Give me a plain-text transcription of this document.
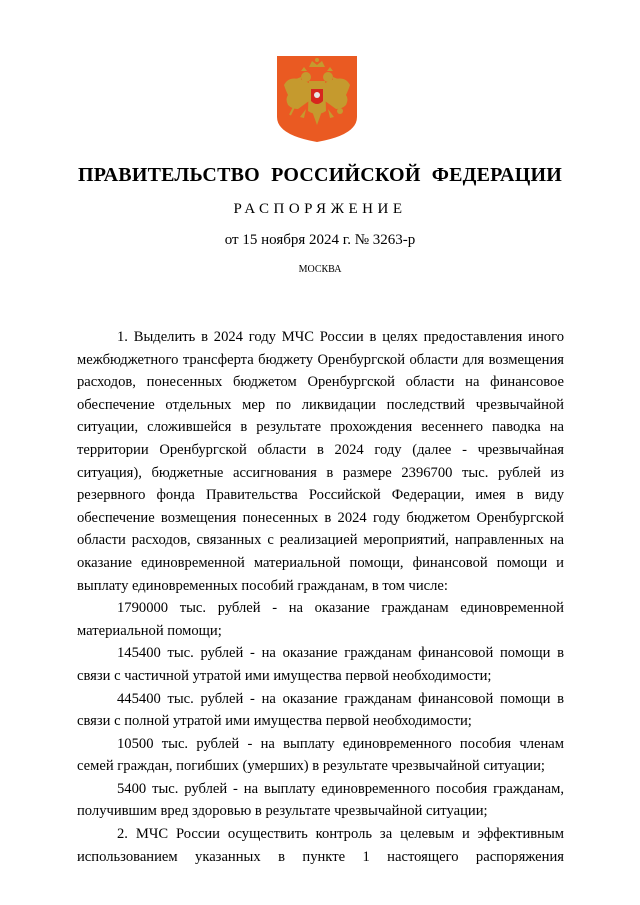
ПРАВИТЕЛЬСТВО РОССИЙСКОЙ ФЕДЕРАЦИИ
РАСПОРЯЖЕНИЕ
от 15 ноября 2024 г. № 3263-р
МОСКВА

1. Выделить в 2024 году МЧС России в целях предоставления иного межбюджетного трансферта бюджету Оренбургской области для возмещения расходов, понесенных бюджетом Оренбургской области на финансовое обеспечение отдельных мер по ликвидации последствий чрезвычайной ситуации, сложившейся в результате прохождения весеннего паводка на территории Оренбургской области в 2024 году (далее - чрезвычайная ситуация), бюджетные ассигнования в размере 2396700 тыс. рублей из резервного фонда Правительства Российской Федерации, имея в виду обеспечение возмещения понесенных в 2024 году бюджетом Оренбургской области расходов, связанных с реализацией мероприятий, направленных на оказание единовременной материальной помощи, финансовой помощи и выплату единовременных пособий гражданам, в том числе:

1790000 тыс. рублей - на оказание гражданам единовременной материальной помощи;

145400 тыс. рублей - на оказание гражданам финансовой помощи в связи с частичной утратой ими имущества первой необходимости;

445400 тыс. рублей - на оказание гражданам финансовой помощи в связи с полной утратой ими имущества первой необходимости;

10500 тыс. рублей - на выплату единовременного пособия членам семей граждан, погибших (умерших) в результате чрезвычайной ситуации;

5400 тыс. рублей - на выплату единовременного пособия гражданам, получившим вред здоровью в результате чрезвычайной ситуации;

2. МЧС России осуществить контроль за целевым и эффективным использованием указанных в пункте 1 настоящего распоряжения
